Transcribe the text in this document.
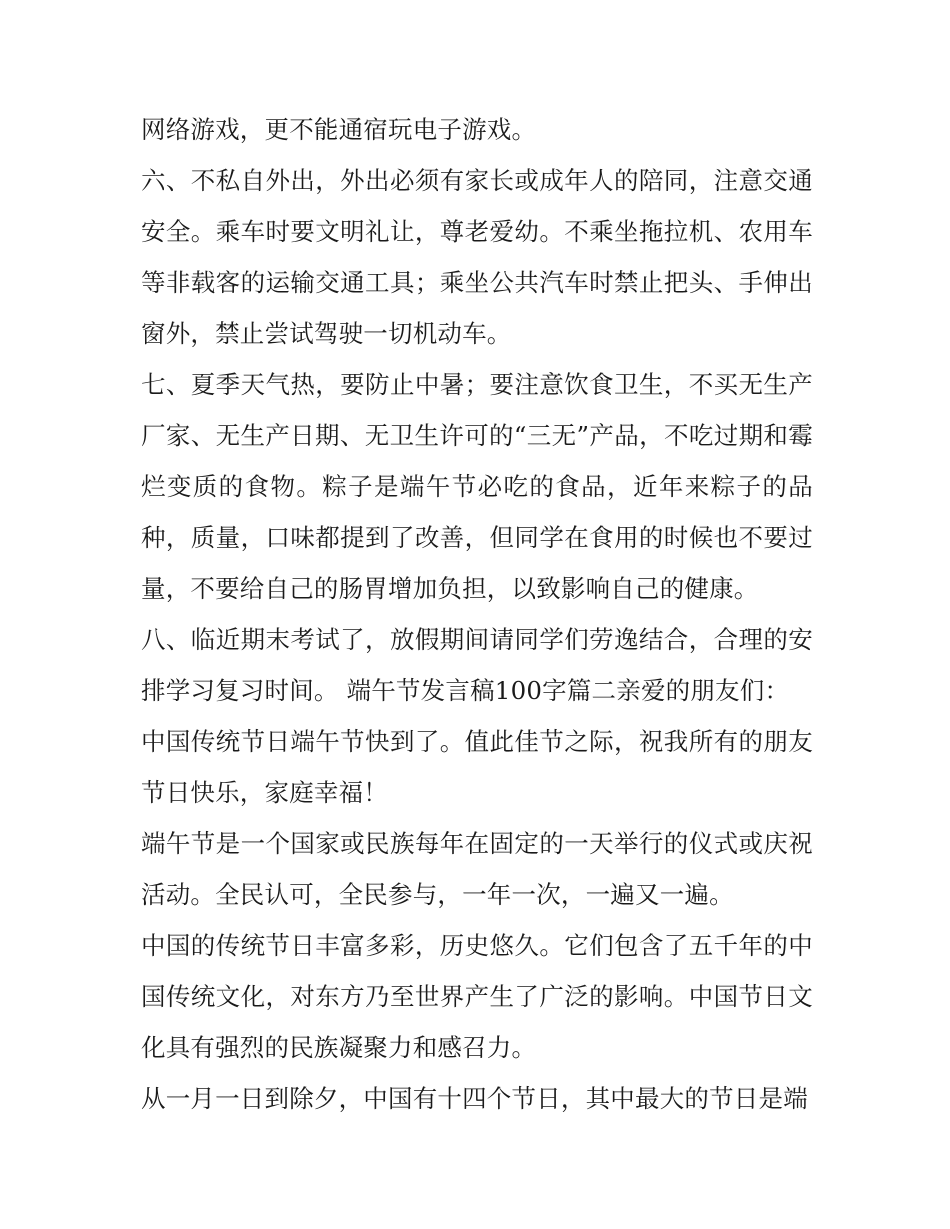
网络游戏，更不能通宿玩电子游戏。

六、不私自外出，外出必须有家长或成年人的陪同，注意交通安全。乘车时要文明礼让，尊老爱幼。不乘坐拖拉机、农用车等非载客的运输交通工具；乘坐公共汽车时禁止把头、手伸出窗外，禁止尝试驾驶一切机动车。

七、夏季天气热，要防止中暑；要注意饮食卫生，不买无生产厂家、无生产日期、无卫生许可的“三无”产品，不吃过期和霉烂变质的食物。粽子是端午节必吃的食品，近年来粽子的品种，质量，口味都提到了改善，但同学在食用的时候也不要过量，不要给自己的肠胃增加负担，以致影响自己的健康。

八、临近期末考试了，放假期间请同学们劳逸结合，合理的安排学习复习时间。 端午节发言稿100字篇二亲爱的朋友们：

中国传统节日端午节快到了。值此佳节之际，祝我所有的朋友节日快乐，家庭幸福！

端午节是一个国家或民族每年在固定的一天举行的仪式或庆祝活动。全民认可，全民参与，一年一次，一遍又一遍。

中国的传统节日丰富多彩，历史悠久。它们包含了五千年的中国传统文化，对东方乃至世界产生了广泛的影响。中国节日文化具有强烈的民族凝聚力和感召力。

从一月一日到除夕，中国有十四个节日，其中最大的节日是端
